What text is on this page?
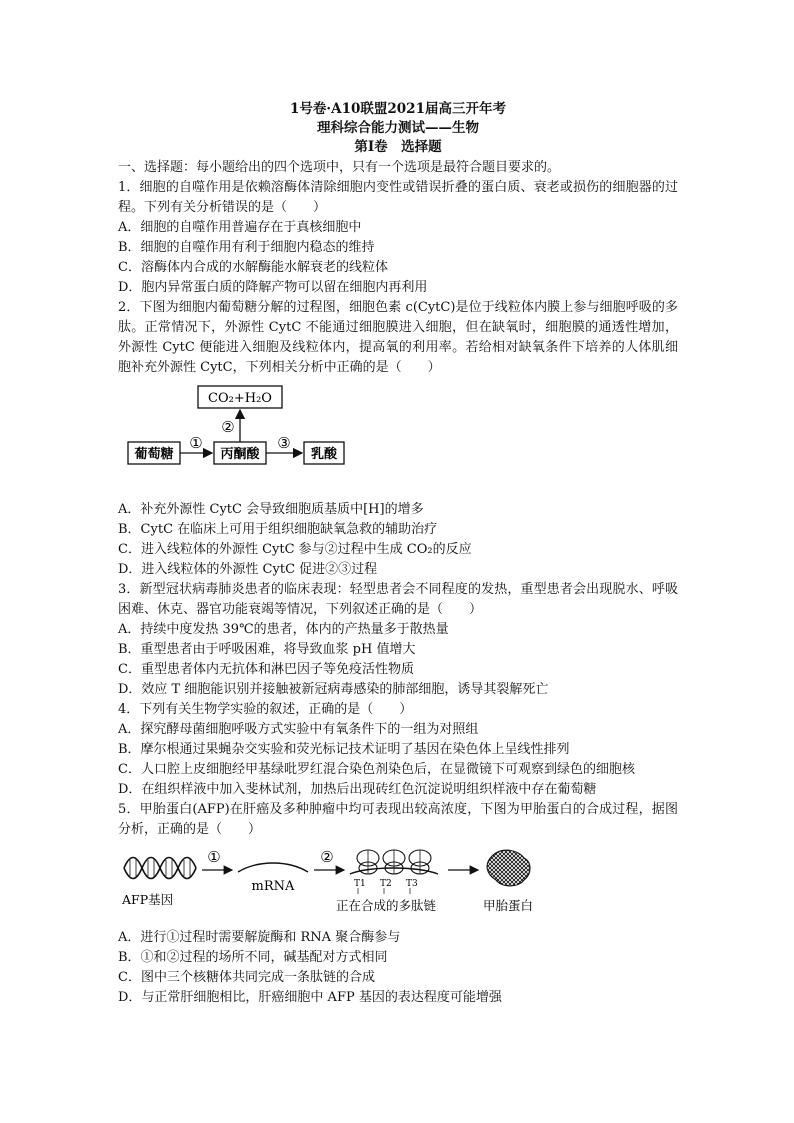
1号卷·A10联盟2021届高三开年考
理科综合能力测试——生物
第Ⅰ卷　选择题
一、选择题：每小题给出的四个选项中，只有一个选项是最符合题目要求的。
1．细胞的自噬作用是依赖溶酶体清除细胞内变性或错误折叠的蛋白质、衰老或损伤的细胞器的过程。下列有关分析错误的是（　　）
A．细胞的自噬作用普遍存在于真核细胞中
B．细胞的自噬作用有利于细胞内稳态的维持
C．溶酶体内合成的水解酶能水解衰老的线粒体
D．胞内异常蛋白质的降解产物可以留在细胞内再利用
2．下图为细胞内葡萄糖分解的过程图，细胞色素 c(CytC)是位于线粒体内膜上参与细胞呼吸的多肽。正常情况下，外源性 CytC 不能通过细胞膜进入细胞，但在缺氧时，细胞膜的通透性增加，外源性 CytC 便能进入细胞及线粒体内，提高氧的利用率。若给相对缺氧条件下培养的人体肌细胞补充外源性 CytC，下列相关分析中正确的是（　　）
CO₂+H₂O
葡萄糖	丙酮酸	乳酸
①
②
③
A．补充外源性 CytC 会导致细胞质基质中[H]的增多
B．CytC 在临床上可用于组织细胞缺氧急救的辅助治疗
C．进入线粒体的外源性 CytC 参与②过程中生成 CO₂的反应
D．进入线粒体的外源性 CytC 促进②③过程
3．新型冠状病毒肺炎患者的临床表现：轻型患者会不同程度的发热，重型患者会出现脱水、呼吸困难、休克、器官功能衰竭等情况，下列叙述正确的是（　　）
A．持续中度发热 39℃的患者，体内的产热量多于散热量
B．重型患者由于呼吸困难，将导致血浆 pH 值增大
C．重型患者体内无抗体和淋巴因子等免疫活性物质
D．效应 T 细胞能识别并接触被新冠病毒感染的肺部细胞，诱导其裂解死亡
4．下列有关生物学实验的叙述，正确的是（　　）
A．探究酵母菌细胞呼吸方式实验中有氧条件下的一组为对照组
B．摩尔根通过果蝇杂交实验和荧光标记技术证明了基因在染色体上呈线性排列
C．人口腔上皮细胞经甲基绿吡罗红混合染色剂染色后，在显微镜下可观察到绿色的细胞核
D．在组织样液中加入斐林试剂，加热后出现砖红色沉淀说明组织样液中存在葡萄糖
5．甲胎蛋白(AFP)在肝癌及多种肿瘤中均可表现出较高浓度，下图为甲胎蛋白的合成过程，据图分析，正确的是（　　）
AFP基因
①
mRNA
②
T1 T2 T3
正在合成的多肽链	甲胎蛋白
A．进行①过程时需要解旋酶和 RNA 聚合酶参与
B．①和②过程的场所不同，碱基配对方式相同
C．图中三个核糖体共同完成一条肽链的合成
D．与正常肝细胞相比，肝癌细胞中 AFP 基因的表达程度可能增强
